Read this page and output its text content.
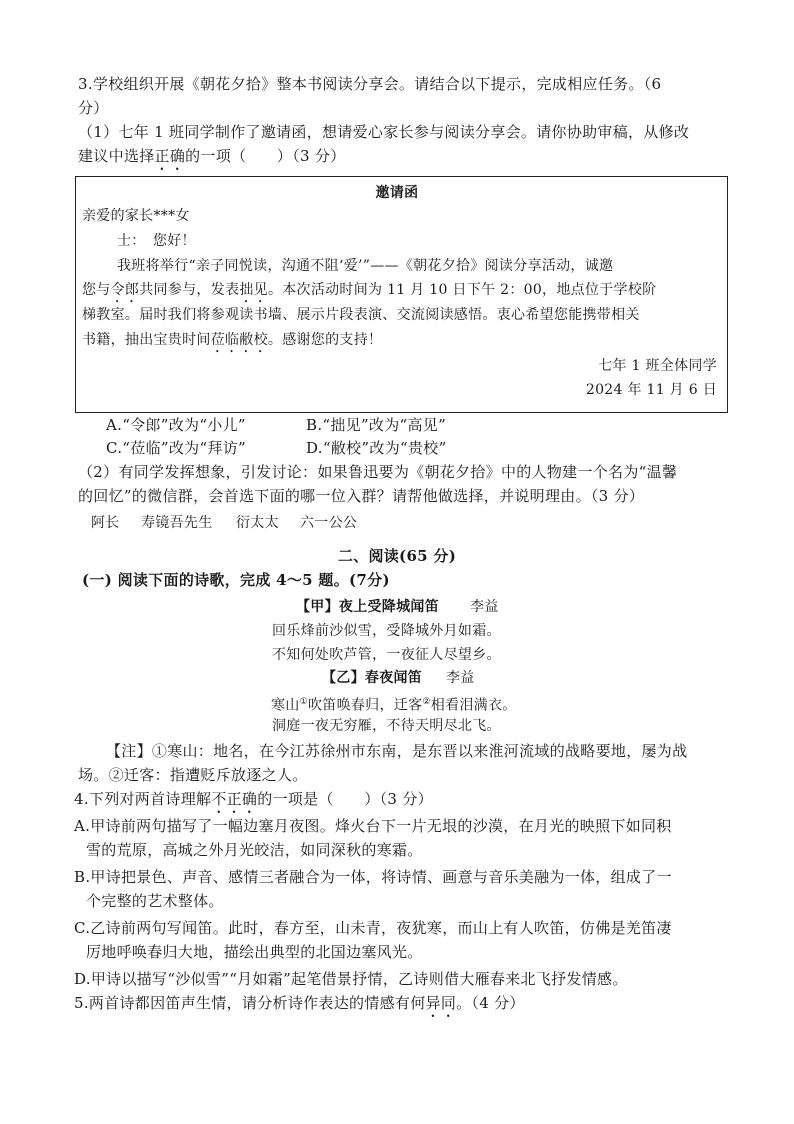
3.学校组织开展《朝花夕拾》整本书阅读分享会。请结合以下提示，完成相应任务。（6
分）
（1）七年 1 班同学制作了邀请函，想请爱心家长参与阅读分享会。请你协助审稿，从修改
建议中选择正确的一项（　　）（3 分）
邀请函
亲爱的家长***女
士：　您好！
我班将举行“亲子同悦读，沟通不阻‘爱’”——《朝花夕拾》阅读分享活动，诚邀
您与令郎共同参与，发表拙见。本次活动时间为 11 月 10 日下午 2：00，地点位于学校阶
梯教室。届时我们将参观读书墙、展示片段表演、交流阅读感悟。衷心希望您能携带相关
书籍，抽出宝贵时间莅临敝校。感谢您的支持！
七年 1 班全体同学
2024 年 11 月 6 日
A.“令郎”改为“小儿”	B.“拙见”改为“高见”
C.“莅临”改为“拜访”	D.“敝校”改为“贵校”
（2）有同学发挥想象，引发讨论：如果鲁迅要为《朝花夕拾》中的人物建一个名为“温馨
的回忆”的微信群，会首选下面的哪一位入群？请帮他做选择，并说明理由。（3 分）
阿长 寿镜吾先生 衍太太 六一公公
二、阅读(65 分)
(一) 阅读下面的诗歌，完成 4～5 题。(7分)
【甲】夜上受降城闻笛 李益
回乐烽前沙似雪，受降城外月如霜。
不知何处吹芦管，一夜征人尽望乡。
【乙】春夜闻笛 李益
寒山①吹笛唤春归，迁客②相看泪满衣。
洞庭一夜无穷雁，不待天明尽北飞。
【注】①寒山：地名，在今江苏徐州市东南，是东晋以来淮河流域的战略要地，屡为战
场。②迁客：指遭贬斥放逐之人。
4.下列对两首诗理解不正确的一项是（　　）（3 分）
A.甲诗前两句描写了一幅边塞月夜图。烽火台下一片无垠的沙漠，在月光的映照下如同积
雪的荒原，高城之外月光皎洁，如同深秋的寒霜。
B.甲诗把景色、声音、感情三者融合为一体，将诗情、画意与音乐美融为一体，组成了一
个完整的艺术整体。
C.乙诗前两句写闻笛。此时，春方至，山未青，夜犹寒，而山上有人吹笛，仿佛是羌笛凄
厉地呼唤春归大地，描绘出典型的北国边塞风光。
D.甲诗以描写“沙似雪”“月如霜”起笔借景抒情，乙诗则借大雁春来北飞抒发情感。
5.两首诗都因笛声生情，请分析诗作表达的情感有何异同。（4 分）
